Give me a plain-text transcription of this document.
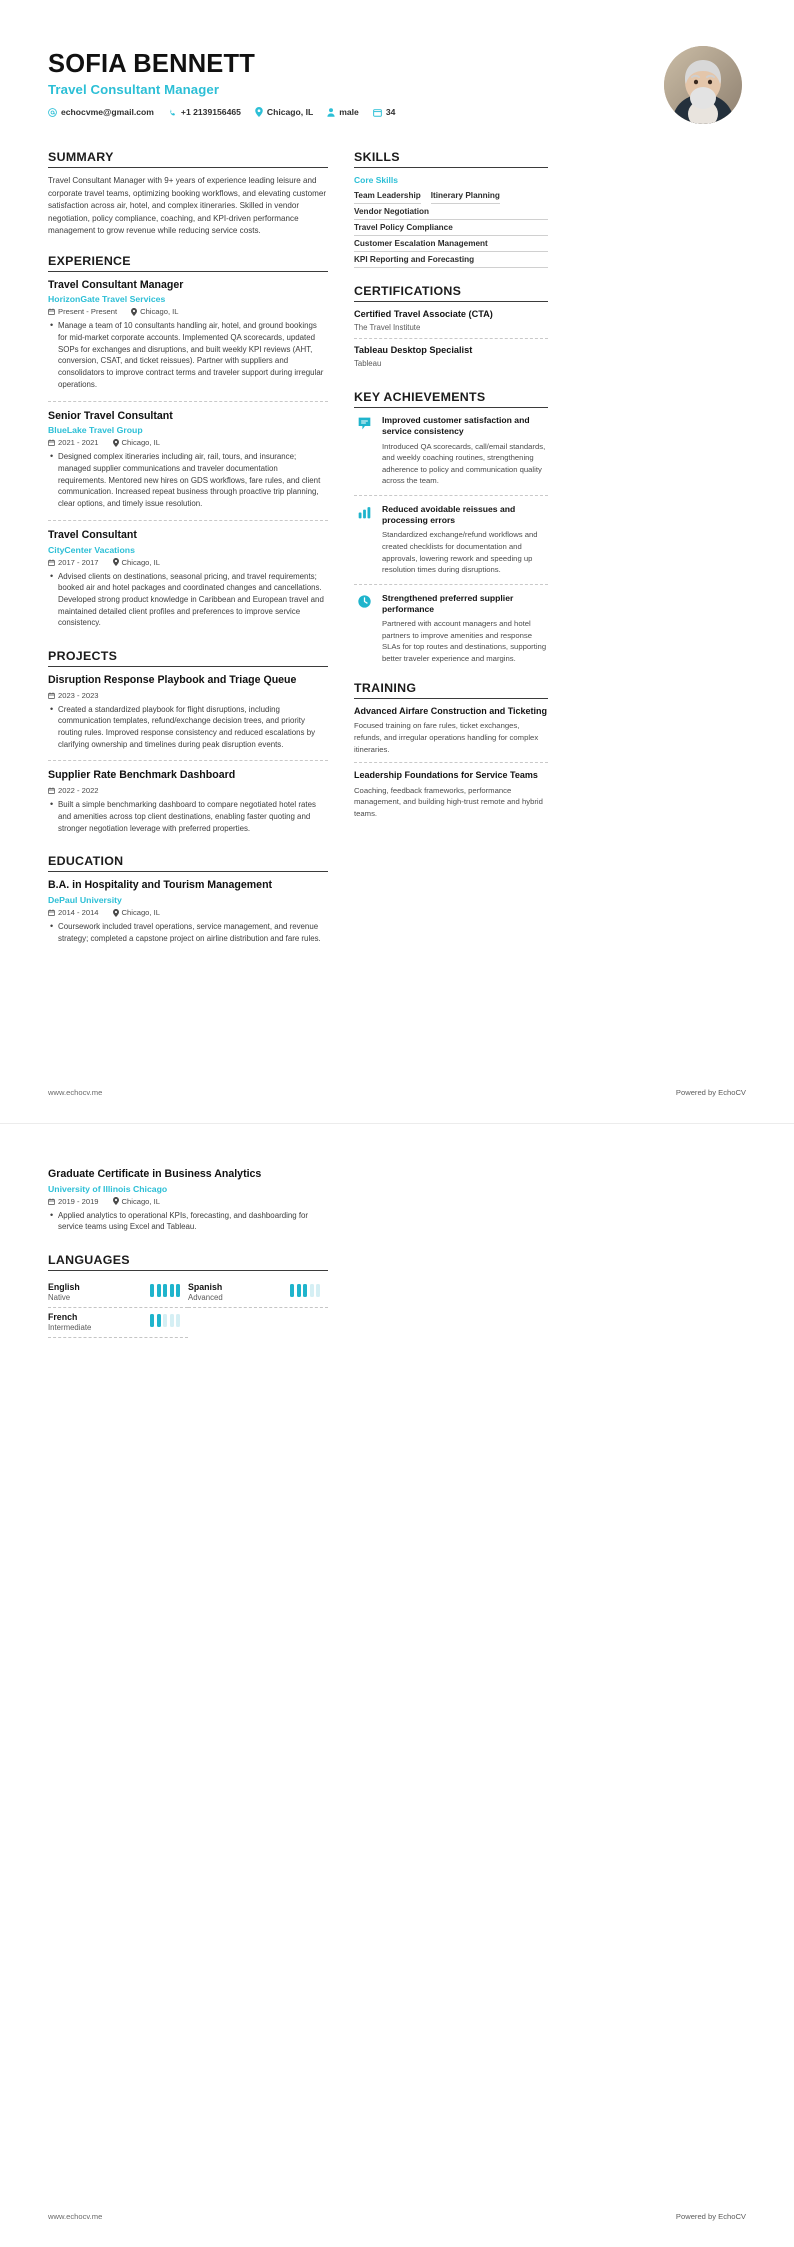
SOFIA BENNETT
Travel Consultant Manager
echocvme@gmail.com	+1 2139156465	Chicago, IL	male	34
SUMMARY
Travel Consultant Manager with 9+ years of experience leading leisure and corporate travel teams, optimizing booking workflows, and elevating customer satisfaction across air, hotel, and complex itineraries. Skilled in vendor negotiation, policy compliance, coaching, and KPI-driven performance management to grow revenue while reducing service costs.
EXPERIENCE
Travel Consultant Manager
HorizonGate Travel Services
Present - Present	Chicago, IL
• Manage a team of 10 consultants handling air, hotel, and ground bookings for mid-market corporate accounts. Implemented QA scorecards, updated SOPs for exchanges and disruptions, and built weekly KPI reviews (AHT, conversion, CSAT, and ticket reissues). Partner with suppliers and consolidators to improve contract terms and traveler support during irregular operations.
Senior Travel Consultant
BlueLake Travel Group
2021 - 2021	Chicago, IL
• Designed complex itineraries including air, rail, tours, and insurance; managed supplier communications and traveler documentation requirements. Mentored new hires on GDS workflows, fare rules, and client communication. Increased repeat business through proactive trip planning, clear options, and timely issue resolution.
Travel Consultant
CityCenter Vacations
2017 - 2017	Chicago, IL
• Advised clients on destinations, seasonal pricing, and travel requirements; booked air and hotel packages and coordinated changes and cancellations. Developed strong product knowledge in Caribbean and European travel and maintained detailed client profiles and preferences to improve service consistency.
PROJECTS
Disruption Response Playbook and Triage Queue
2023 - 2023
• Created a standardized playbook for flight disruptions, including communication templates, refund/exchange decision trees, and priority routing rules. Improved response consistency and reduced escalations by clarifying ownership and timelines during peak disruption events.
Supplier Rate Benchmark Dashboard
2022 - 2022
• Built a simple benchmarking dashboard to compare negotiated hotel rates and amenities across top client destinations, enabling faster quoting and stronger negotiation leverage with preferred properties.
EDUCATION
B.A. in Hospitality and Tourism Management
DePaul University
2014 - 2014	Chicago, IL
• Coursework included travel operations, service management, and revenue strategy; completed a capstone project on airline distribution and fare rules.
SKILLS
Core Skills
Team Leadership Itinerary Planning
Vendor Negotiation
Travel Policy Compliance
Customer Escalation Management
KPI Reporting and Forecasting
CERTIFICATIONS
Certified Travel Associate (CTA)
The Travel Institute
Tableau Desktop Specialist
Tableau
KEY ACHIEVEMENTS
Improved customer satisfaction and service consistency
Introduced QA scorecards, call/email standards, and weekly coaching routines, strengthening adherence to policy and communication quality across the team.
Reduced avoidable reissues and processing errors
Standardized exchange/refund workflows and created checklists for documentation and approvals, lowering rework and speeding up resolution times during disruptions.
Strengthened preferred supplier performance
Partnered with account managers and hotel partners to improve amenities and response SLAs for top routes and destinations, supporting better traveler experience and margins.
TRAINING
Advanced Airfare Construction and Ticketing
Focused training on fare rules, ticket exchanges, refunds, and irregular operations handling for complex itineraries.
Leadership Foundations for Service Teams
Coaching, feedback frameworks, performance management, and building high-trust remote and hybrid teams.
www.echocv.me	Powered by EchoCV
Graduate Certificate in Business Analytics
University of Illinois Chicago
2019 - 2019	Chicago, IL
• Applied analytics to operational KPIs, forecasting, and dashboarding for service teams using Excel and Tableau.
LANGUAGES
English
Native
Spanish
Advanced
French
Intermediate
www.echocv.me	Powered by EchoCV
